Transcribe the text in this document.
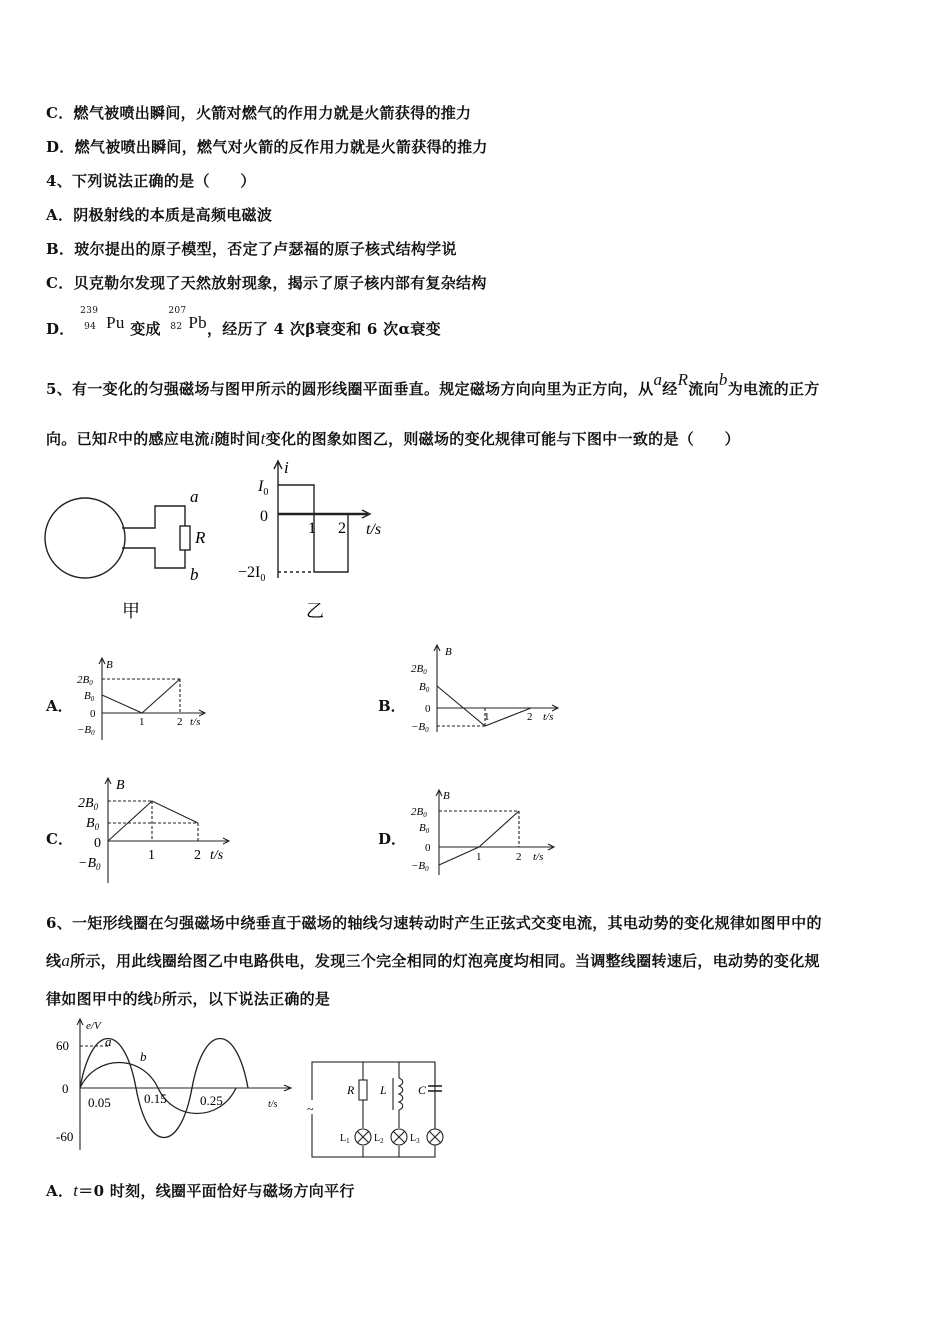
C．燃气被喷出瞬间，火箭对燃气的作用力就是火箭获得的推力
D．燃气被喷出瞬间，燃气对火箭的反作用力就是火箭获得的推力
4、下列说法正确的是（　　）
A．阴极射线的本质是高频电磁波
B．玻尔提出的原子模型，否定了卢瑟福的原子核式结构学说
C．贝克勒尔发现了天然放射现象，揭示了原子核内部有复杂结构
D．
239
94 Pu 变成
207
82 Pb，经历了 4 次β衰变和 6 次α衰变
5、有一变化的匀强磁场与图甲所示的圆形线圈平面垂直。规定磁场方向向里为正方向，从a经R流向b为电流的正方
向。已知R中的感应电流i随时间t变化的图象如图乙，则磁场的变化规律可能与下图中一致的是（　　）
a
R
b
甲
i
$I_0$
0
$-2I_0$
1 2 t/s
乙
A．
B
2B0
B0
0
−B0
1	2 t/s
B．
B
2B0
B0
0
−B0
1	2 t/s
C．
B
$2B_0$
$B_0$
0
$-B_0$
1	2 t/s
D．
B
2B0
B0
0
−B0
1	2 t/s
6、一矩形线圈在匀强磁场中绕垂直于磁场的轴线匀速转动时产生正弦式交变电流，其电动势的变化规律如图甲中的
线a所示，用此线圈给图乙中电路供电，发现三个完全相同的灯泡亮度均相同。当调整线圈转速后，电动势的变化规
律如图甲中的线b所示，以下说法正确的是
e/V
60
0
-60
0.05	0.15	0.25	t/s
a
b
~
R L	C
$L_1$ $L_2$	$L_3$
A．t＝0 时刻，线圈平面恰好与磁场方向平行
